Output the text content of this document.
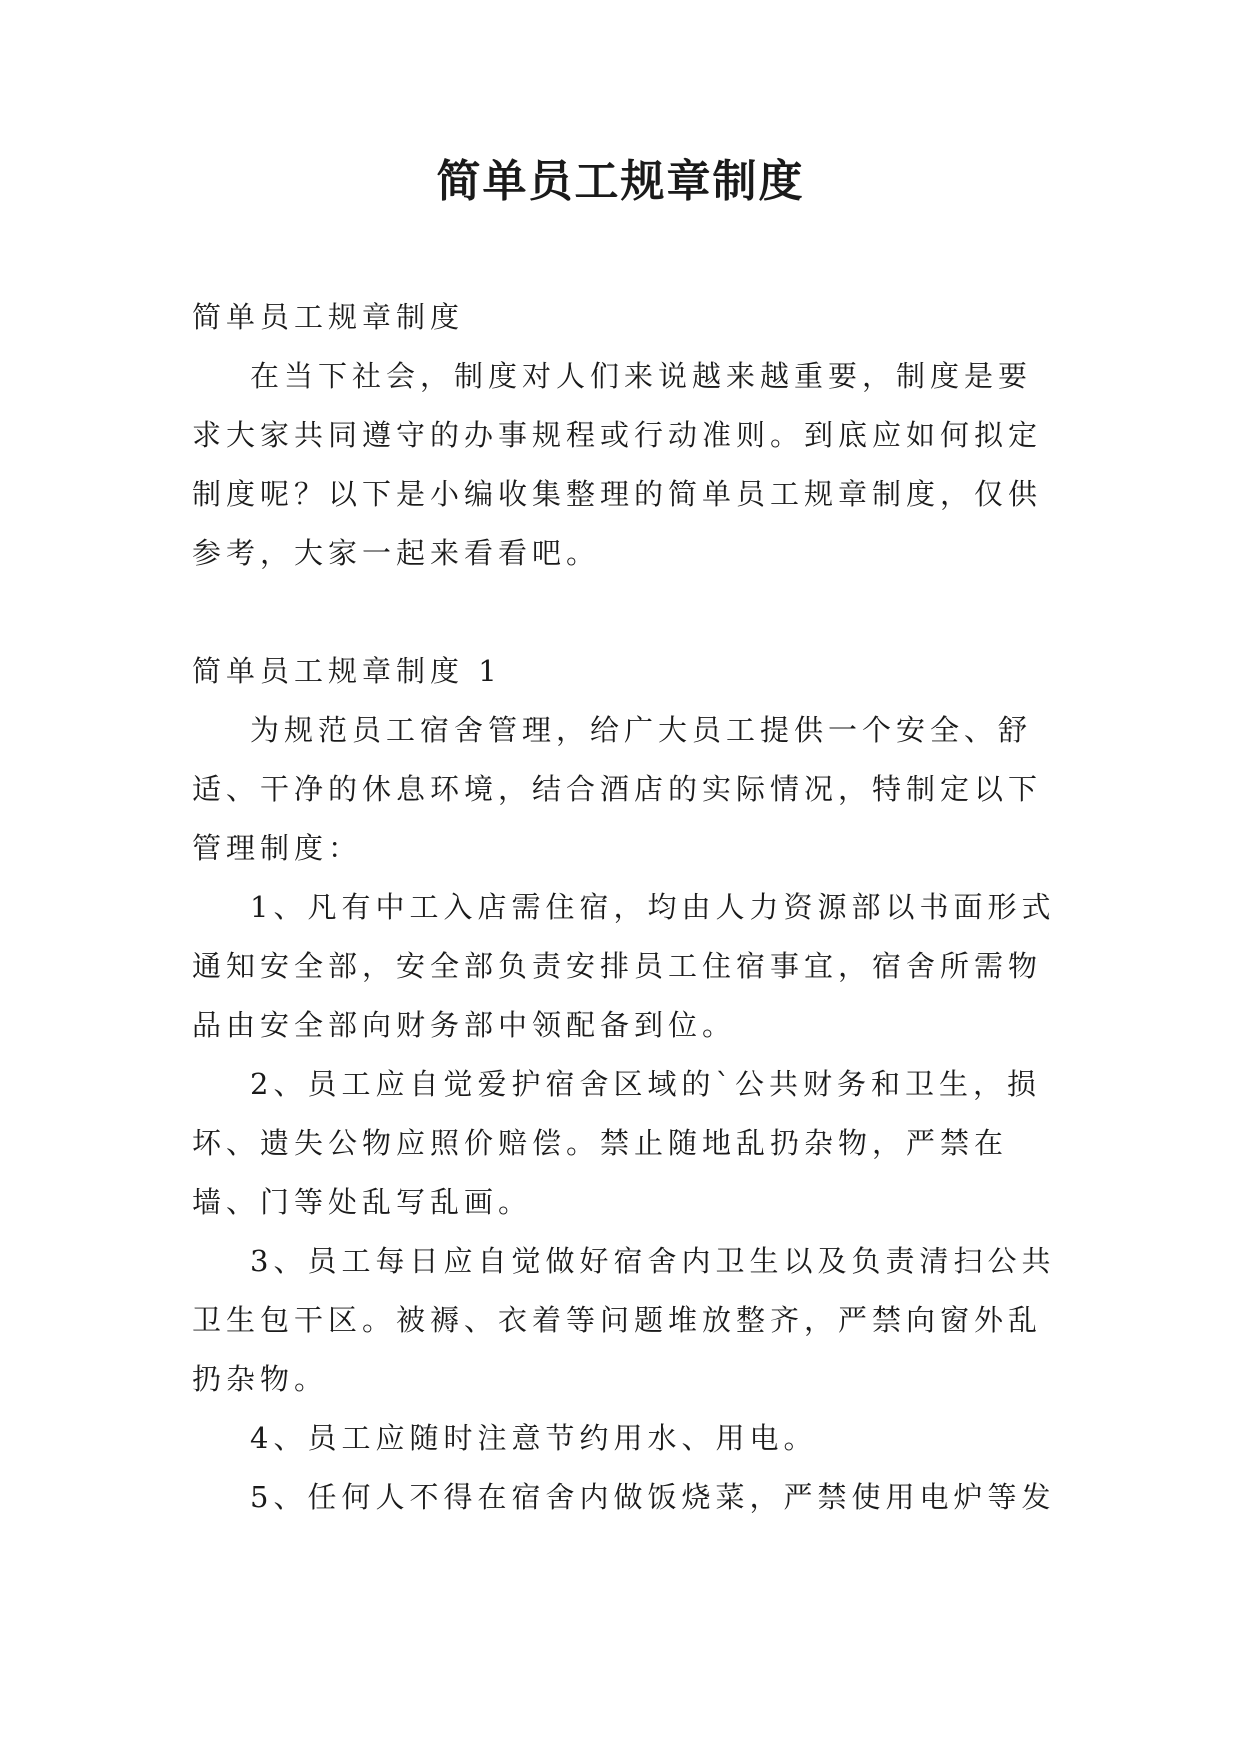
简单员工规章制度

简单员工规章制度

在当下社会，制度对人们来说越来越重要，制度是要求大家共同遵守的办事规程或行动准则。到底应如何拟定制度呢？以下是小编收集整理的简单员工规章制度，仅供参考，大家一起来看看吧。

简单员工规章制度 1

为规范员工宿舍管理，给广大员工提供一个安全、舒适、干净的休息环境，结合酒店的实际情况，特制定以下管理制度：

1、凡有中工入店需住宿，均由人力资源部以书面形式通知安全部，安全部负责安排员工住宿事宜，宿舍所需物品由安全部向财务部中领配备到位。

2、员工应自觉爱护宿舍区域的`公共财务和卫生，损坏、遗失公物应照价赔偿。禁止随地乱扔杂物，严禁在墙、门等处乱写乱画。

3、员工每日应自觉做好宿舍内卫生以及负责清扫公共卫生包干区。被褥、衣着等问题堆放整齐，严禁向窗外乱扔杂物。

4、员工应随时注意节约用水、用电。

5、任何人不得在宿舍内做饭烧菜，严禁使用电炉等发
